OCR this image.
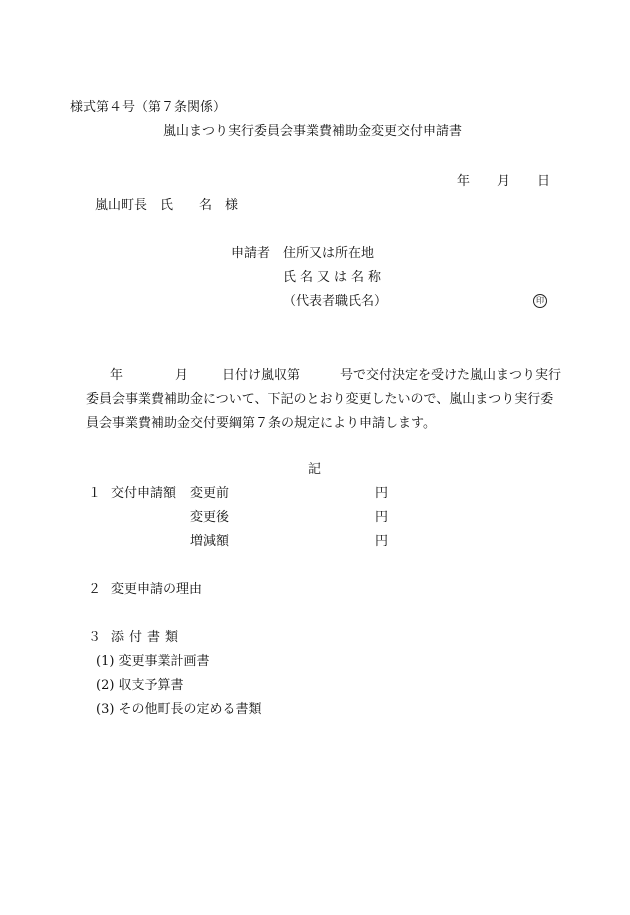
様式第４号（第７条関係）
嵐山まつり実行委員会事業費補助金変更交付申請書
年 月 日
嵐山町長　氏　　名　様
申請者 住所又は所在地
氏名又は名称
（代表者職氏名）	印
年	月	日付け嵐収第	号で交付決定を受けた嵐山まつり実行
委員会事業費補助金について、下記のとおり変更したいので、嵐山まつり実行委
員会事業費補助金交付要綱第７条の規定により申請します。
記
１ 交付申請額 変更前	円
変更後	円
増減額	円
２ 変更申請の理由
３ 添付書類
(1) 変更事業計画書
(2) 収支予算書
(3) その他町長の定める書類
